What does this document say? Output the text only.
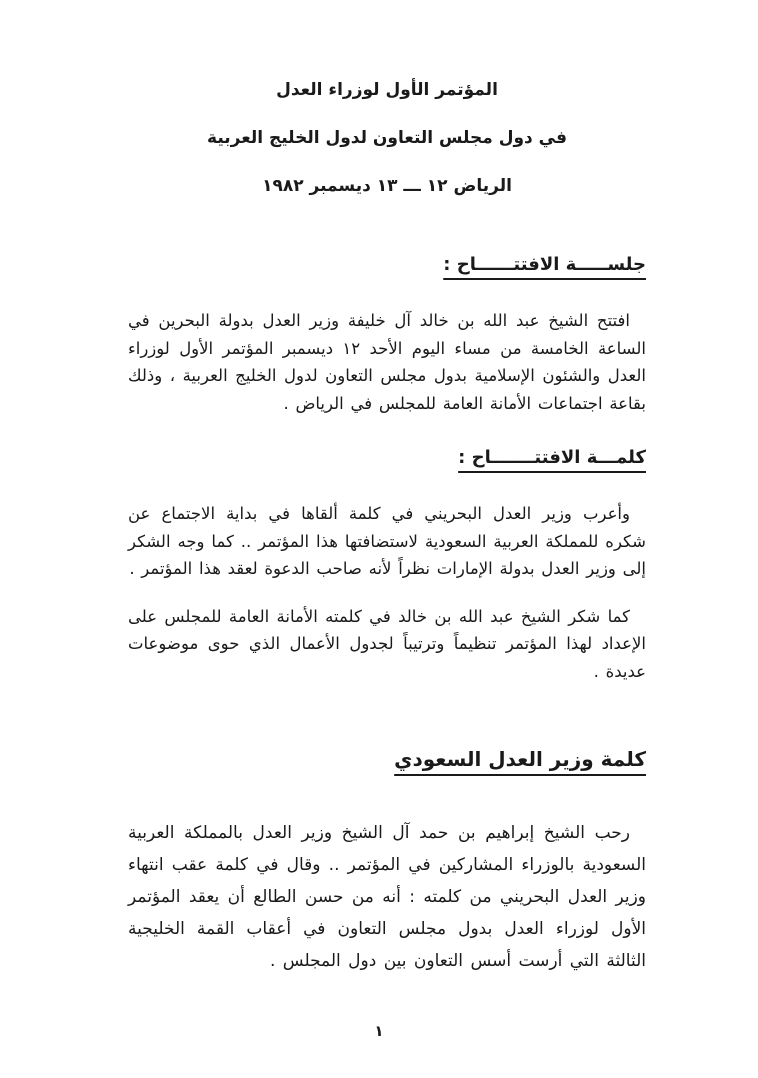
المؤتمر الأول لوزراء العدل
في دول مجلس التعاون لدول الخليج العربية
الرياض ١٢ ـــ ١٣ ديسمبر ١٩٨٢
جلســـــة الافتتــــــاح :

افتتح الشيخ عبد الله بن خالد آل خليفة وزير العدل بدولة البحرين في الساعة الخامسة من مساء اليوم الأحد ١٢ ديسمبر المؤتمر الأول لوزراء العدل والشئون الإسلامية بدول مجلس التعاون لدول الخليج العربية ، وذلك بقاعة اجتماعات الأمانة العامة للمجلس في الرياض .

كلمـــة الافتتـــــــاح :

وأعرب وزير العدل البحريني في كلمة ألقاها في بداية الاجتماع عن شكره للمملكة العربية السعودية لاستضافتها هذا المؤتمر .. كما وجه الشكر إلى وزير العدل بدولة الإمارات نظراً لأنه صاحب الدعوة لعقد هذا المؤتمر .

كما شكر الشيخ عبد الله بن خالد في كلمته الأمانة العامة للمجلس على الإعداد لهذا المؤتمر تنظيماً وترتيباً لجدول الأعمال الذي حوى موضوعات عديدة .

كلمة وزير العدل السعودي

رحب الشيخ إبراهيم بن حمد آل الشيخ وزير العدل بالمملكة العربية السعودية بالوزراء المشاركين في المؤتمر .. وقال في كلمة عقب انتهاء وزير العدل البحريني من كلمته : أنه من حسن الطالع أن يعقد المؤتمر الأول لوزراء العدل بدول مجلس التعاون في أعقاب القمة الخليجية الثالثة التي أرست أسس التعاون بين دول المجلس .

١
